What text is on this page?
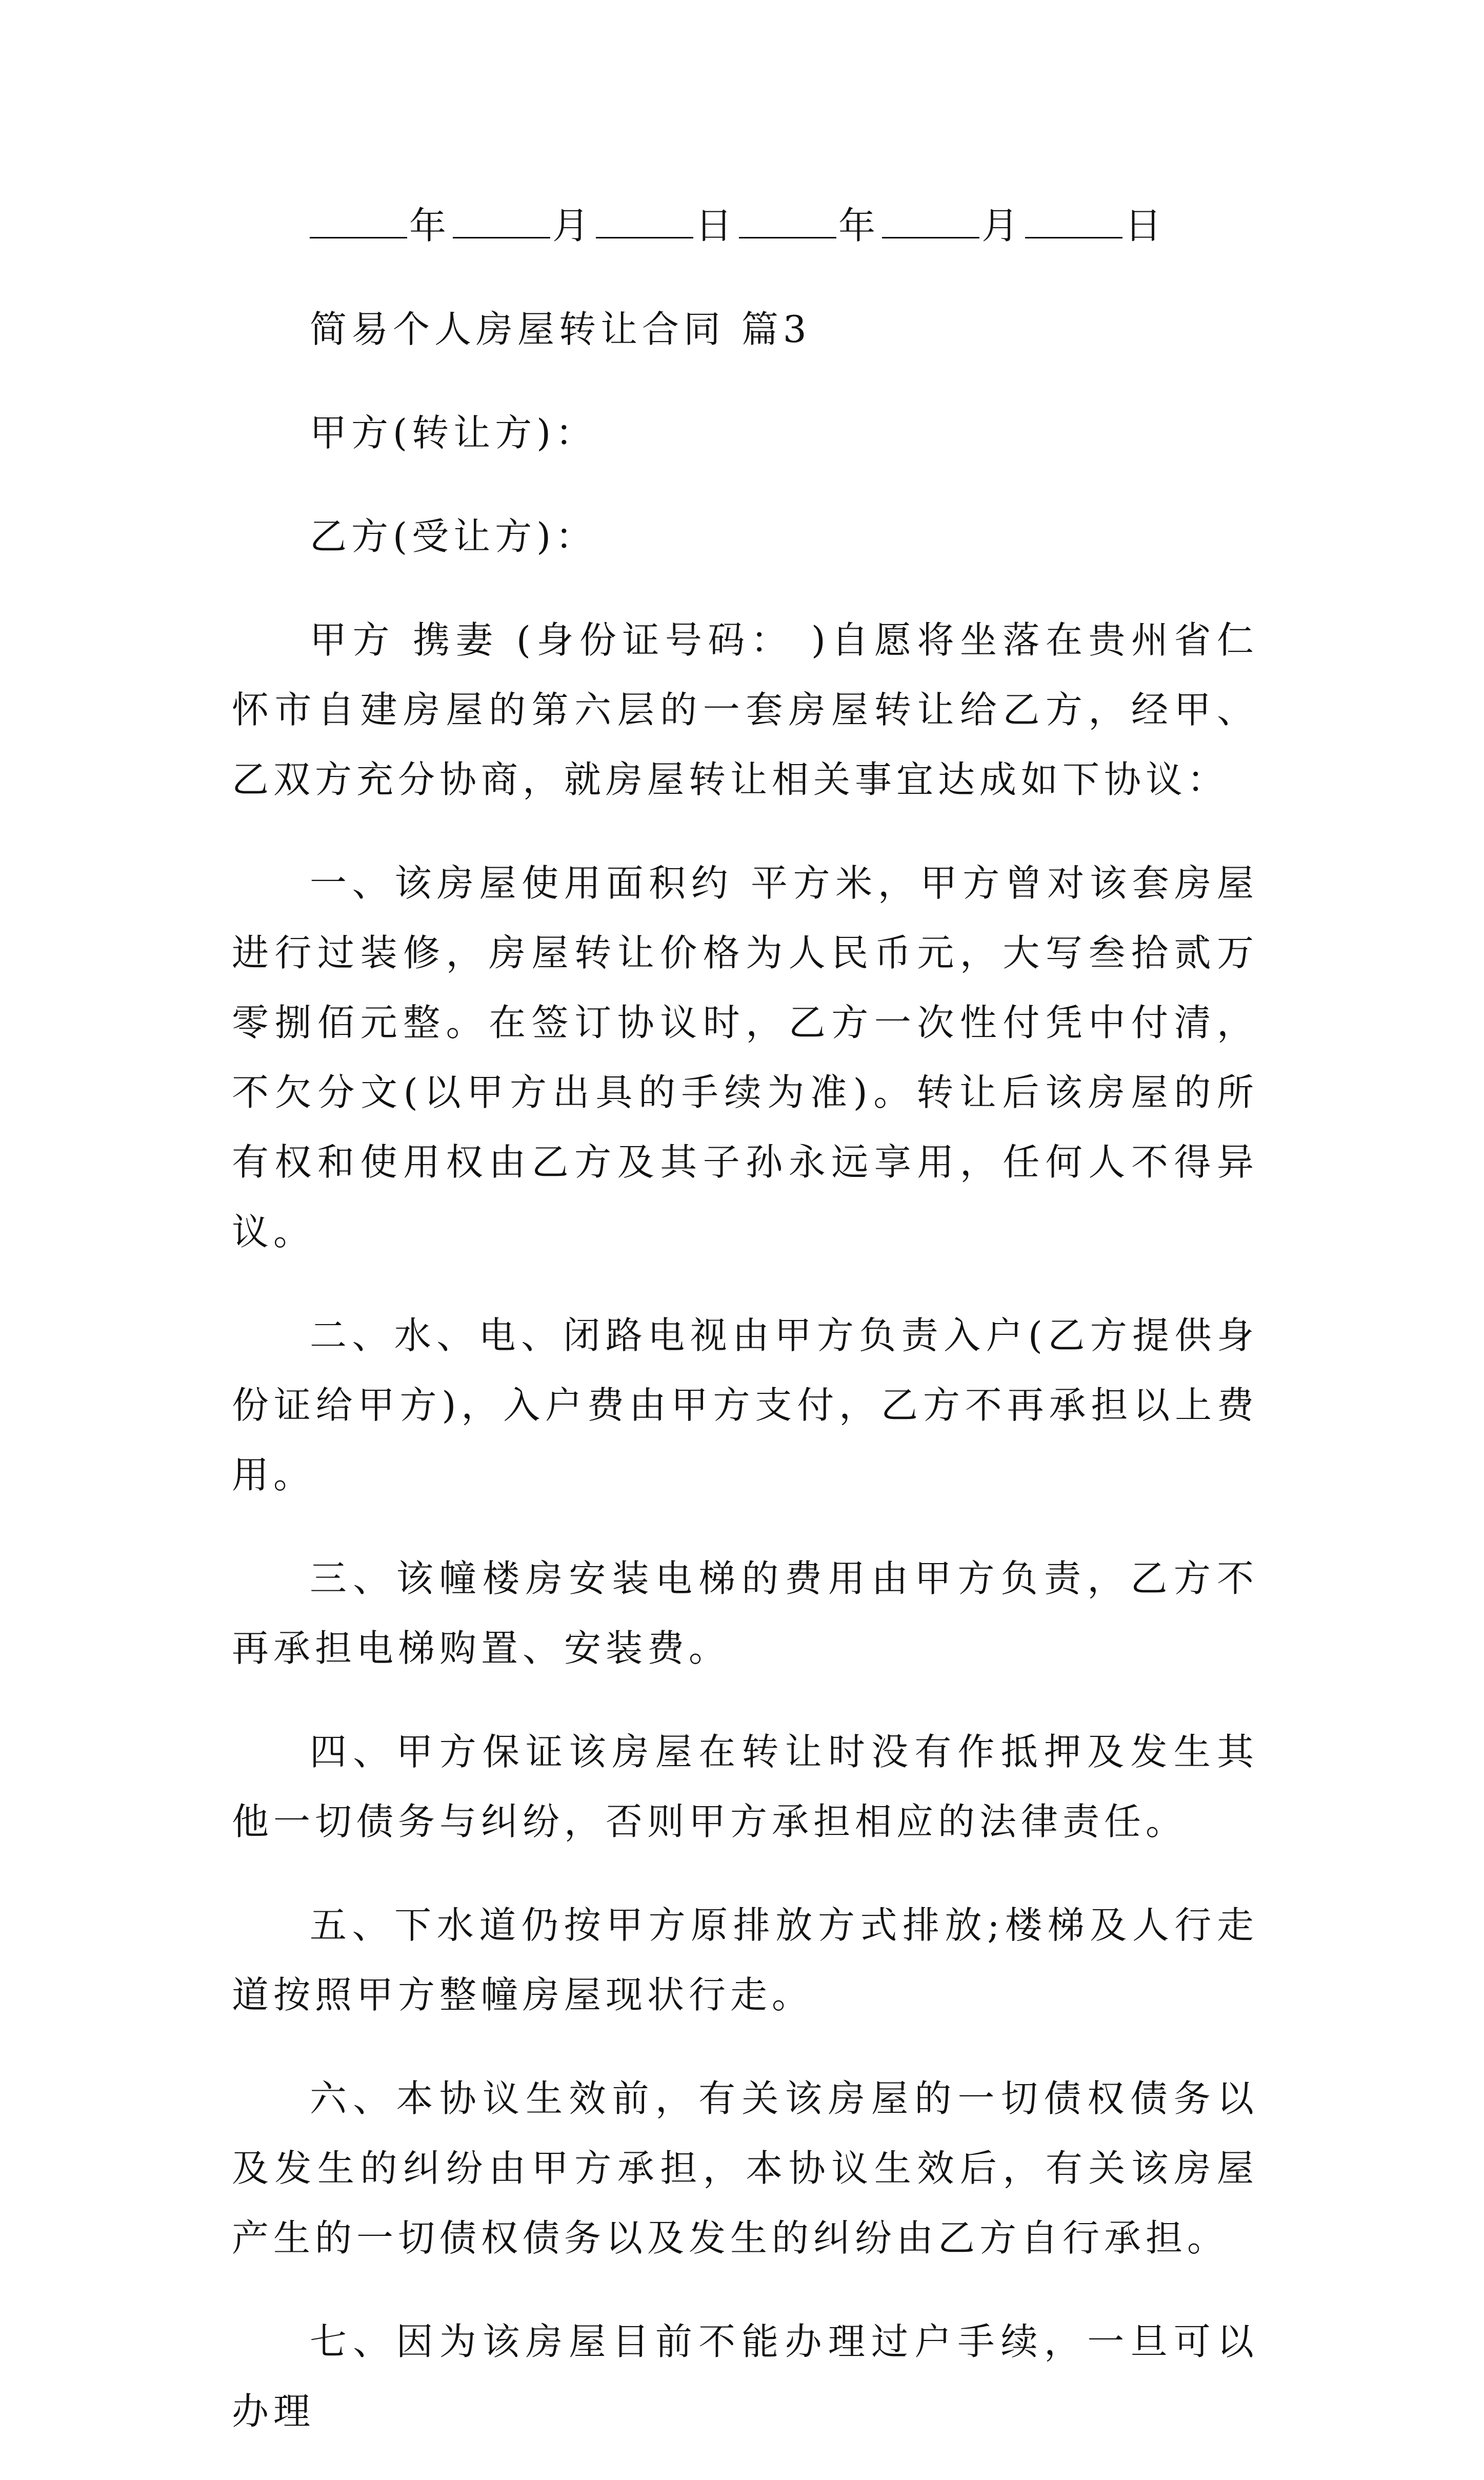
年	月	日	年	月	日
简易个人房屋转让合同 篇3
甲方(转让方)：
乙方(受让方)：

甲方 携妻 (身份证号码： )自愿将坐落在贵州省仁怀市自建房屋的第六层的一套房屋转让给乙方，经甲、乙双方充分协商，就房屋转让相关事宜达成如下协议：

一、该房屋使用面积约 平方米，甲方曾对该套房屋进行过装修，房屋转让价格为人民币元，大写叁拾贰万零捌佰元整。在签订协议时，乙方一次性付凭中付清，不欠分文(以甲方出具的手续为准)。转让后该房屋的所有权和使用权由乙方及其子孙永远享用，任何人不得异议。

二、水、电、闭路电视由甲方负责入户(乙方提供身份证给甲方)，入户费由甲方支付，乙方不再承担以上费用。

三、该幢楼房安装电梯的费用由甲方负责，乙方不再承担电梯购置、安装费。

四、甲方保证该房屋在转让时没有作抵押及发生其他一切债务与纠纷，否则甲方承担相应的法律责任。

五、下水道仍按甲方原排放方式排放;楼梯及人行走道按照甲方整幢房屋现状行走。

六、本协议生效前，有关该房屋的一切债权债务以及发生的纠纷由甲方承担，本协议生效后，有关该房屋产生的一切债权债务以及发生的纠纷由乙方自行承担。

七、因为该房屋目前不能办理过户手续，一旦可以办理
